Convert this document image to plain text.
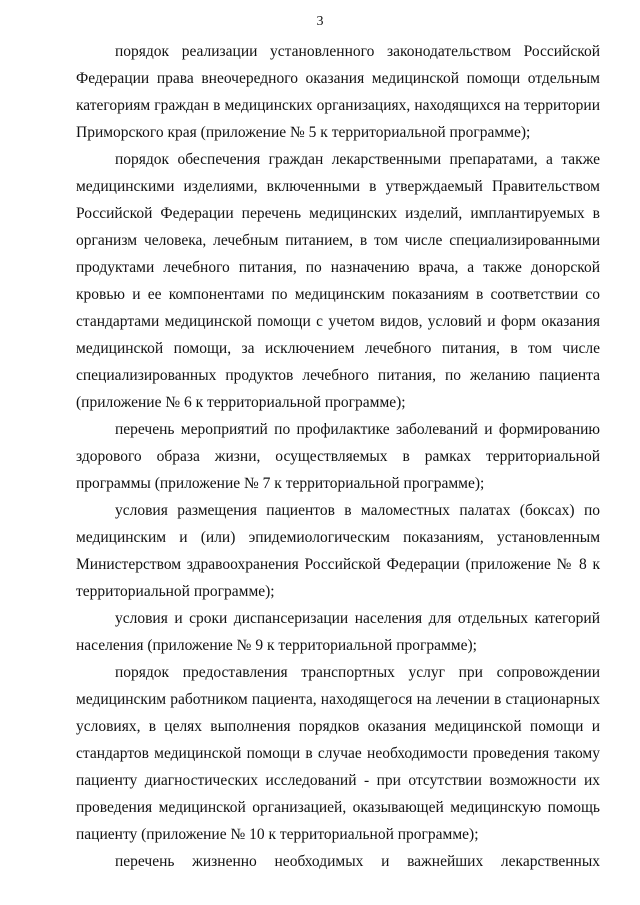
3

порядок реализации установленного законодательством Российской Федерации права внеочередного оказания медицинской помощи отдельным категориям граждан в медицинских организациях, находящихся на территории Приморского края (приложение № 5 к территориальной программе);

порядок обеспечения граждан лекарственными препаратами, а также медицинскими изделиями, включенными в утверждаемый Правительством Российской Федерации перечень медицинских изделий, имплантируемых в организм человека, лечебным питанием, в том числе специализированными продуктами лечебного питания, по назначению врача, а также донорской кровью и ее компонентами по медицинским показаниям в соответствии со стандартами медицинской помощи с учетом видов, условий и форм оказания медицинской помощи, за исключением лечебного питания, в том числе специализированных продуктов лечебного питания, по желанию пациента (приложение № 6 к территориальной программе);

перечень мероприятий по профилактике заболеваний и формированию здорового образа жизни, осуществляемых в рамках территориальной программы (приложение № 7 к территориальной программе);

условия размещения пациентов в маломестных палатах (боксах) по медицинским и (или) эпидемиологическим показаниям, установленным Министерством здравоохранения Российской Федерации (приложение № 8 к территориальной программе);

условия и сроки диспансеризации населения для отдельных категорий населения (приложение № 9 к территориальной программе);

порядок предоставления транспортных услуг при сопровождении медицинским работником пациента, находящегося на лечении в стационарных условиях, в целях выполнения порядков оказания медицинской помощи и стандартов медицинской помощи в случае необходимости проведения такому пациенту диагностических исследований - при отсутствии возможности их проведения медицинской организацией, оказывающей медицинскую помощь пациенту (приложение № 10 к территориальной программе);

перечень жизненно необходимых и важнейших лекарственных
